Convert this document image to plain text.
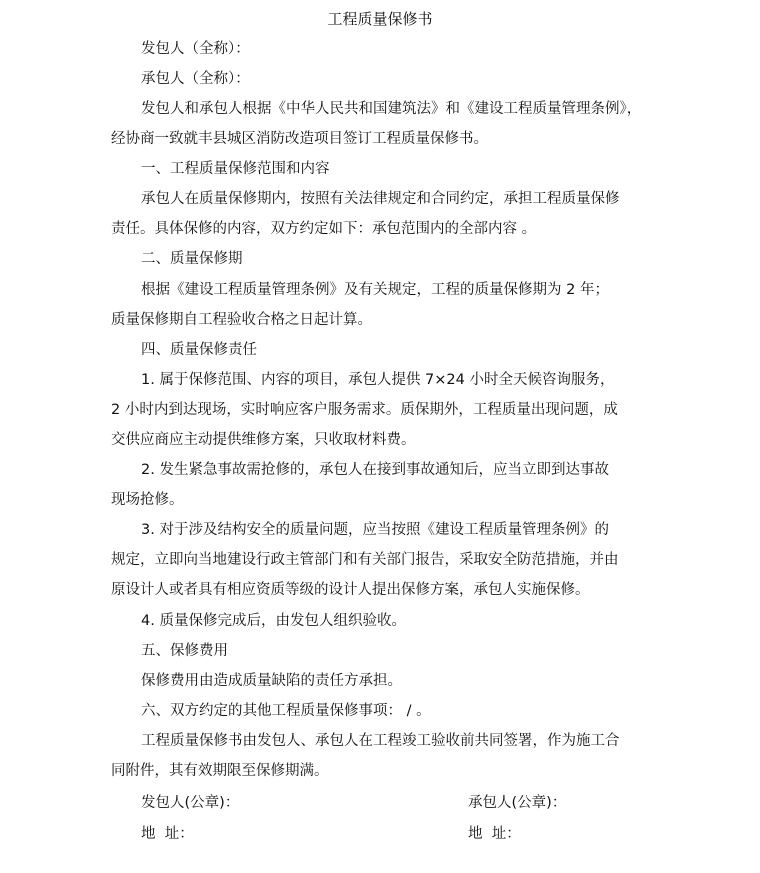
工程质量保修书
发包人（全称）：
承包人（全称）：
发包人和承包人根据《中华人民共和国建筑法》和《建设工程质量管理条例》，
经协商一致就丰县城区消防改造项目签订工程质量保修书。
一、工程质量保修范围和内容
承包人在质量保修期内，按照有关法律规定和合同约定，承担工程质量保修
责任。具体保修的内容，双方约定如下：承包范围内的全部内容 。
二、质量保修期
根据《建设工程质量管理条例》及有关规定，工程的质量保修期为 2 年；
质量保修期自工程验收合格之日起计算。
四、质量保修责任
1. 属于保修范围、内容的项目，承包人提供 7×24 小时全天候咨询服务，
2 小时内到达现场，实时响应客户服务需求。质保期外，工程质量出现问题，成
交供应商应主动提供维修方案，只收取材料费。
2. 发生紧急事故需抢修的，承包人在接到事故通知后，应当立即到达事故
现场抢修。
3. 对于涉及结构安全的质量问题，应当按照《建设工程质量管理条例》的
规定，立即向当地建设行政主管部门和有关部门报告，采取安全防范措施，并由
原设计人或者具有相应资质等级的设计人提出保修方案，承包人实施保修。
4. 质量保修完成后，由发包人组织验收。
五、保修费用
保修费用由造成质量缺陷的责任方承担。
六、双方约定的其他工程质量保修事项： / 。
工程质量保修书由发包人、承包人在工程竣工验收前共同签署，作为施工合
同附件，其有效期限至保修期满。
发包人(公章)：	承包人(公章)：
地  址：	地  址：
